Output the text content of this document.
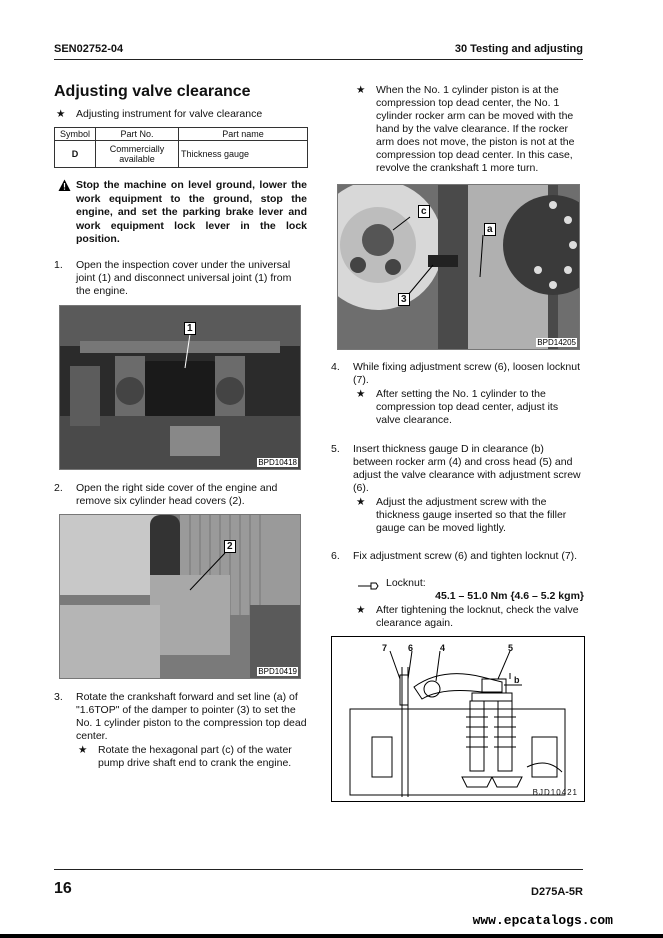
SEN02752-04	30 Testing and adjusting
Adjusting valve clearance
★ Adjusting instrument for valve clearance
Symbol	Part No.	Part name
D	Commercially available	Thickness gauge
Stop the machine on level ground, lower the work equipment to the ground, stop the engine, and set the parking brake lever and work equipment lock lever in the lock position.
1. Open the inspection cover under the universal joint (1) and disconnect universal joint (1) from the engine.
1
BPD10418
2. Open the right side cover of the engine and remove six cylinder head covers (2).
2
BPD10419
3. Rotate the crankshaft forward and set line (a) of "1.6TOP" of the damper to pointer (3) to set the No. 1 cylinder piston to the compression top dead center.
★ Rotate the hexagonal part (c) of the water pump drive shaft end to crank the engine.
★ When the No. 1 cylinder piston is at the compression top dead center, the No. 1 cylinder rocker arm can be moved with the hand by the valve clearance. If the rocker arm does not move, the piston is not at the compression top dead center. In this case, revolve the crankshaft 1 more turn.
c
a
3
BPD14205
4. While fixing adjustment screw (6), loosen locknut (7).
★ After setting the No. 1 cylinder to the compression top dead center, adjust its valve clearance.
5. Insert thickness gauge D in clearance (b) between rocker arm (4) and cross head (5) and adjust the valve clearance with adjustment screw (6).
★ Adjust the adjustment screw with the thickness gauge inserted so that the filler gauge can be moved lightly.
6. Fix adjustment screw (6) and tighten locknut (7).
Locknut:
45.1 – 51.0 Nm {4.6 – 5.2 kgm}
★ After tightening the locknut, check the valve clearance again.
7 6	4	5
b
BJD10421
16	D275A-5R
www.epcatalogs.com
